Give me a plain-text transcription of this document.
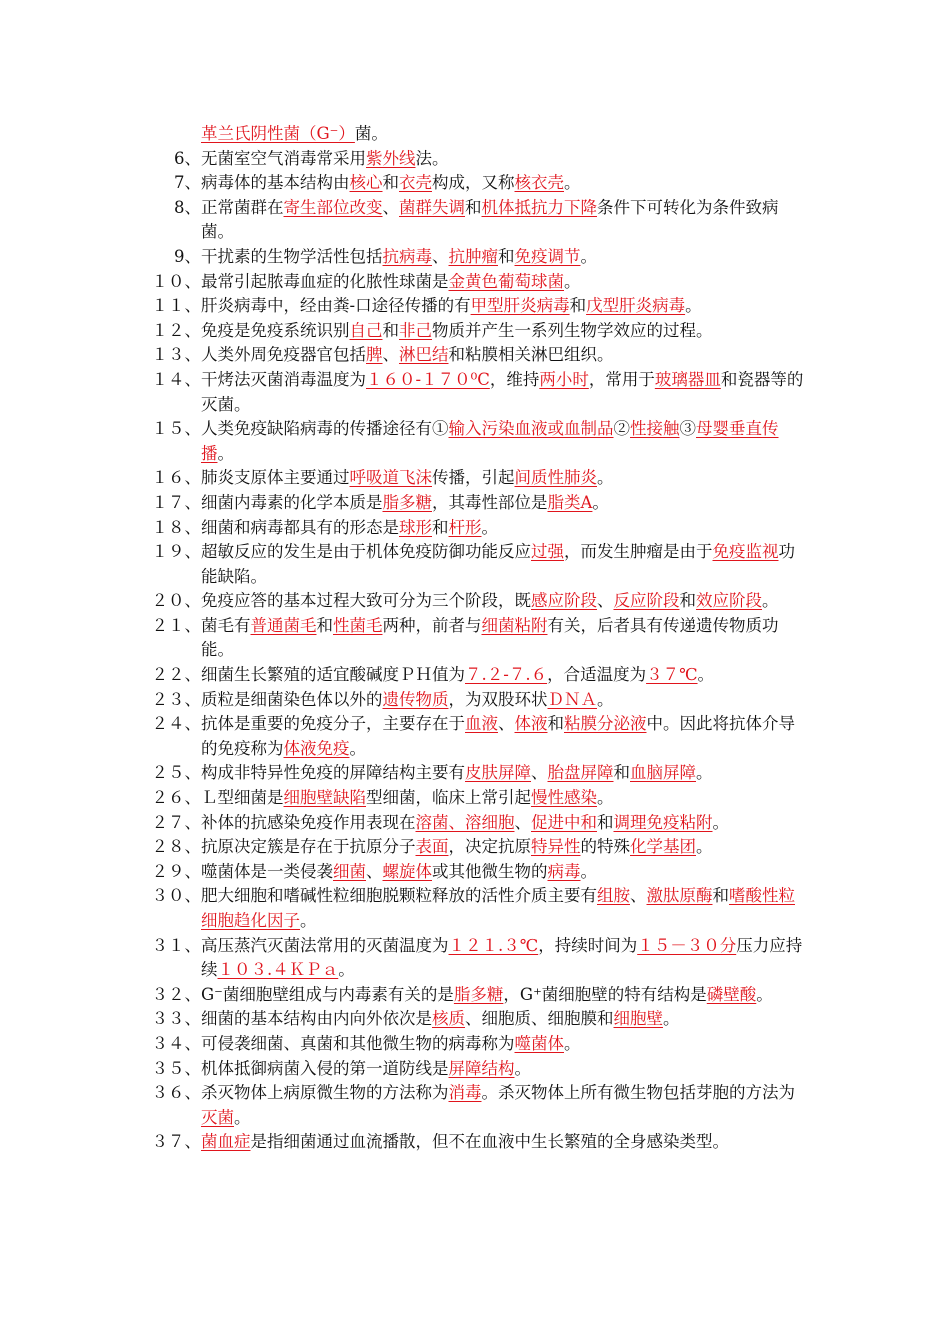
革兰氏阴性菌（G⁻）菌。
6、 无菌室空气消毒常采用紫外线法。
7、 病毒体的基本结构由核心和衣壳构成，又称核衣壳。
8、 正常菌群在寄生部位改变、菌群失调和机体抵抗力下降条件下可转化为条件致病菌。
9、 干扰素的生物学活性包括抗病毒、抗肿瘤和免疫调节。
１０、 最常引起脓毒血症的化脓性球菌是金黄色葡萄球菌。
１１、 肝炎病毒中，经由粪-口途径传播的有甲型肝炎病毒和戊型肝炎病毒。
１２、 免疫是免疫系统识别自己和非己物质并产生一系列生物学效应的过程。
１３、 人类外周免疫器官包括脾、淋巴结和粘膜相关淋巴组织。
１４、 干烤法灭菌消毒温度为１６０-１７０⁰C，维持两小时，常用于玻璃器皿和瓷器等的灭菌。
１５、 人类免疫缺陷病毒的传播途径有①输入污染血液或血制品②性接触③母婴垂直传播。
１６、 肺炎支原体主要通过呼吸道飞沫传播，引起间质性肺炎。
１７、 细菌内毒素的化学本质是脂多糖，其毒性部位是脂类A。
１８、 细菌和病毒都具有的形态是球形和杆形。
１９、 超敏反应的发生是由于机体免疫防御功能反应过强，而发生肿瘤是由于免疫监视功能缺陷。
２０、 免疫应答的基本过程大致可分为三个阶段，既感应阶段、反应阶段和效应阶段。
２１、 菌毛有普通菌毛和性菌毛两种，前者与细菌粘附有关，后者具有传递遗传物质功能。
２２、 细菌生长繁殖的适宜酸碱度ＰＨ值为７.２-７.６，合适温度为３７℃。
２３、 质粒是细菌染色体以外的遗传物质，为双股环状ＤＮＡ。
２４、 抗体是重要的免疫分子，主要存在于血液、体液和粘膜分泌液中。因此将抗体介导的免疫称为体液免疫。
２５、 构成非特异性免疫的屏障结构主要有皮肤屏障、胎盘屏障和血脑屏障。
２６、 Ｌ型细菌是细胞壁缺陷型细菌，临床上常引起慢性感染。
２７、 补体的抗感染免疫作用表现在溶菌、溶细胞、促进中和和调理免疫粘附。
２８、 抗原决定簇是存在于抗原分子表面，决定抗原特异性的特殊化学基团。
２９、 噬菌体是一类侵袭细菌、螺旋体或其他微生物的病毒。
３０、 肥大细胞和嗜碱性粒细胞脱颗粒释放的活性介质主要有组胺、激肽原酶和嗜酸性粒细胞趋化因子。
３１、 高压蒸汽灭菌法常用的灭菌温度为１２１.３℃，持续时间为１５－３０分压力应持续１０３.４ＫＰａ。
３２、 G⁻菌细胞壁组成与内毒素有关的是脂多糖，G⁺菌细胞壁的特有结构是磷壁酸。
３３、 细菌的基本结构由内向外依次是核质、细胞质、细胞膜和细胞壁。
３４、 可侵袭细菌、真菌和其他微生物的病毒称为噬菌体。
３５、 机体抵御病菌入侵的第一道防线是屏障结构。
３６、 杀灭物体上病原微生物的方法称为消毒。杀灭物体上所有微生物包括芽胞的方法为灭菌。
３７、 菌血症是指细菌通过血流播散，但不在血液中生长繁殖的全身感染类型。
